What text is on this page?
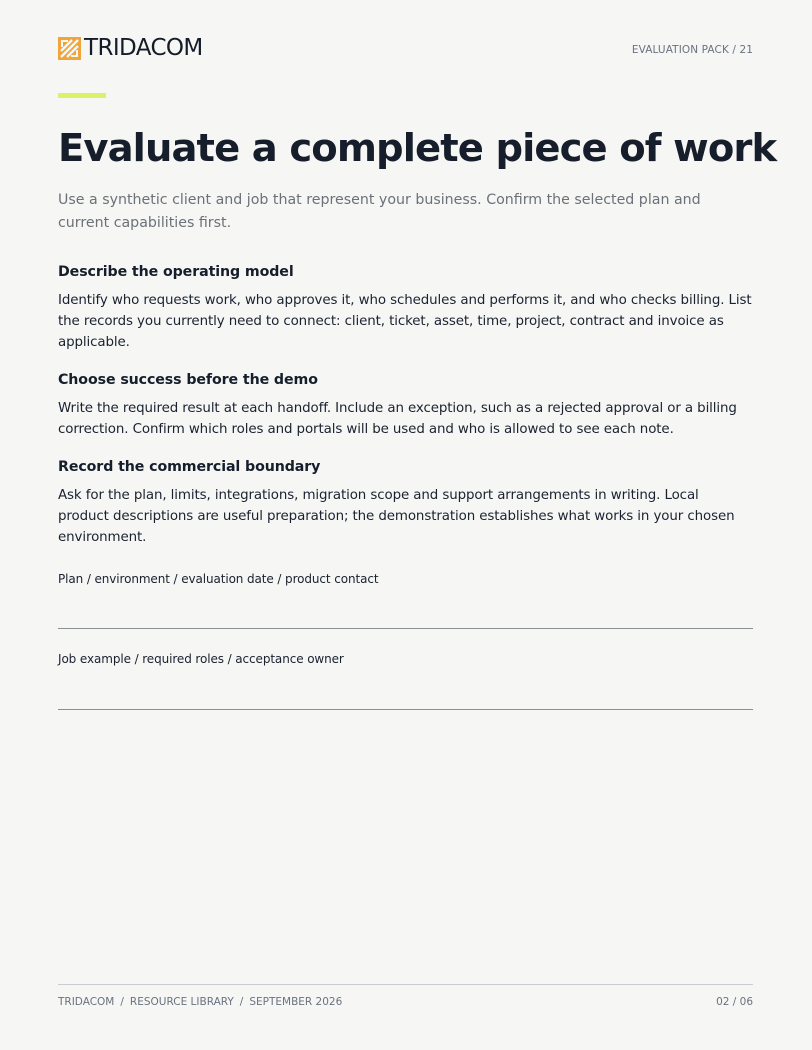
TRIDACOM	EVALUATION PACK / 21
Evaluate a complete piece of work

Use a synthetic client and job that represent your business. Confirm the selected plan and current capabilities first.

Describe the operating model

Identify who requests work, who approves it, who schedules and performs it, and who checks billing. List the records you currently need to connect: client, ticket, asset, time, project, contract and invoice as applicable.

Choose success before the demo

Write the required result at each handoff. Include an exception, such as a rejected approval or a billing correction. Confirm which roles and portals will be used and who is allowed to see each note.

Record the commercial boundary

Ask for the plan, limits, integrations, migration scope and support arrangements in writing. Local product descriptions are useful preparation; the demonstration establishes what works in your chosen environment.

Plan / environment / evaluation date / product contact
Job example / required roles / acceptance owner
TRIDACOM / RESOURCE LIBRARY / SEPTEMBER 2026	02 / 06
